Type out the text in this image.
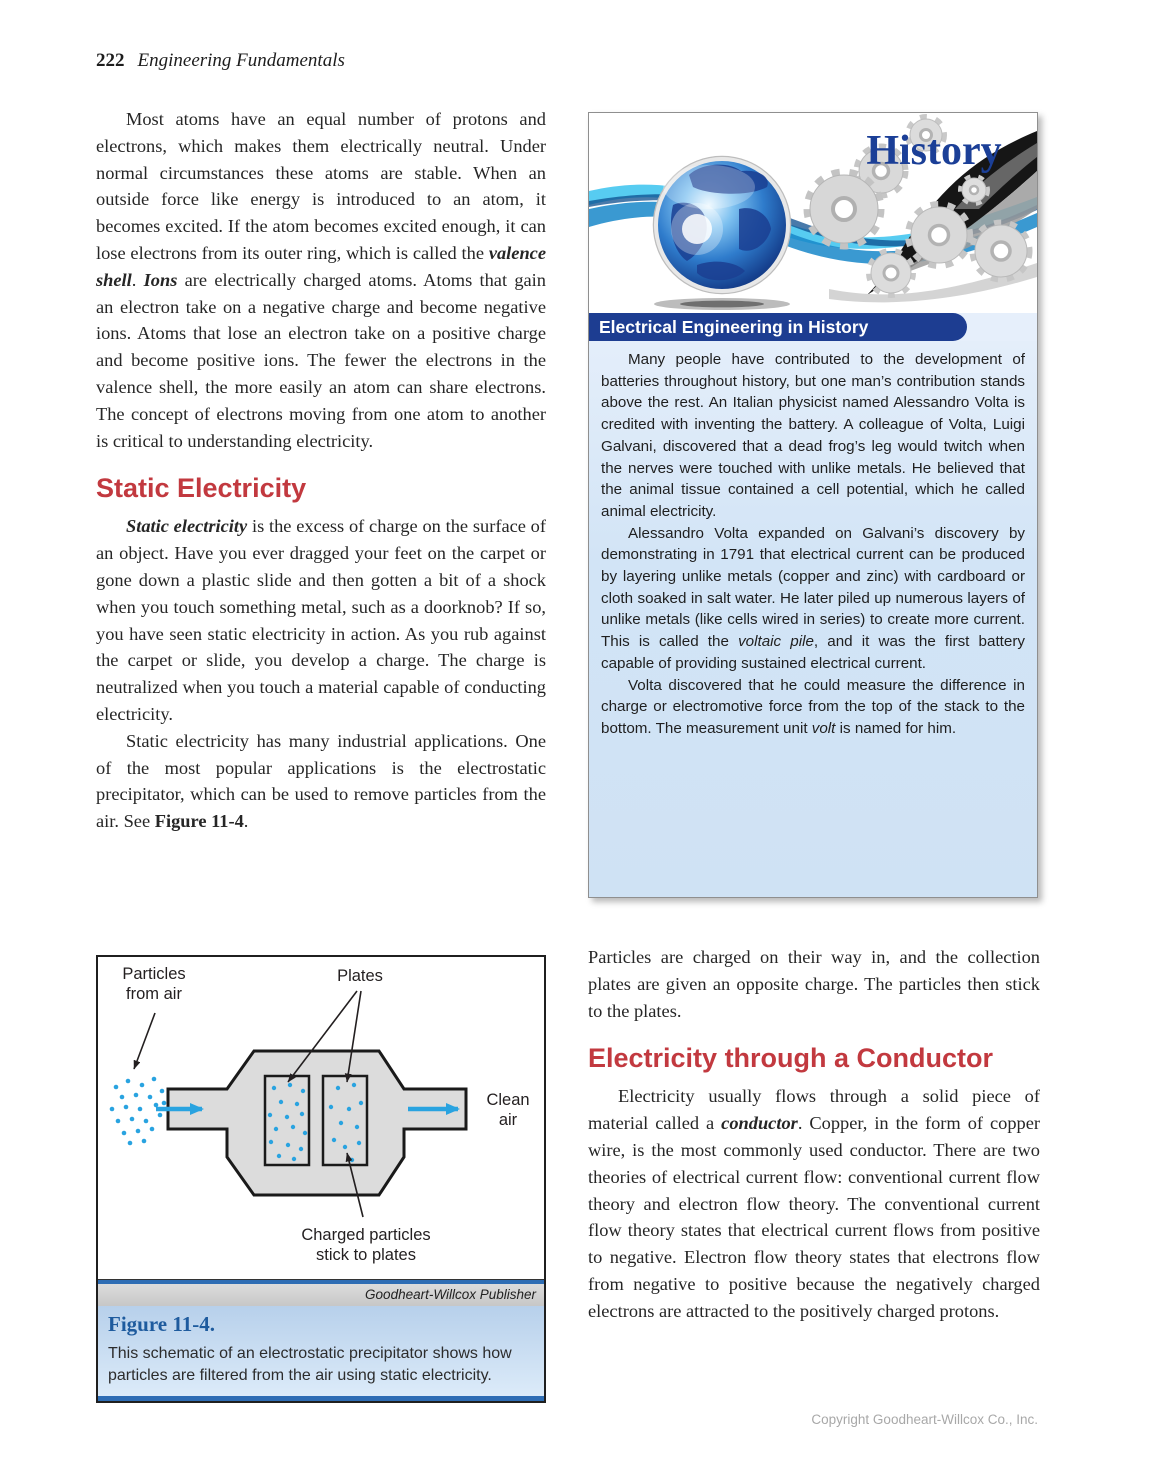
222 Engineering Fundamentals

Most atoms have an equal number of protons and electrons, which makes them electrically neutral. Under normal circumstances these atoms are stable. When an outside force like energy is introduced to an atom, it becomes excited. If the atom becomes excited enough, it can lose electrons from its outer ring, which is called the valence shell. Ions are electrically charged atoms. Atoms that gain an electron take on a negative charge and become negative ions. Atoms that lose an electron take on a positive charge and become positive ions. The fewer the electrons in the valence shell, the more easily an atom can share electrons. The concept of electrons moving from one atom to another is critical to understanding electricity.

Static Electricity

Static electricity is the excess of charge on the surface of an object. Have you ever dragged your feet on the carpet or gone down a plastic slide and then gotten a bit of a shock when you touch something metal, such as a doorknob? If so, you have seen static electricity in action. As you rub against the carpet or slide, you develop a charge. The charge is neutralized when you touch a material capable of conducting electricity.

Static electricity has many industrial applications. One of the most popular applications is the electrostatic precipitator, which can be used to remove particles from the air. See Figure 11-4.

History
Electrical Engineering in History

Many people have contributed to the development of batteries throughout history, but one man’s contribution stands above the rest. An Italian physicist named Alessandro Volta is credited with inventing the battery. A colleague of Volta, Luigi Galvani, discovered that a dead frog’s leg would twitch when the nerves were touched with unlike metals. He believed that the animal tissue contained a cell potential, which he called animal electricity.

Alessandro Volta expanded on Galvani’s discovery by demonstrating in 1791 that electrical current can be produced by layering unlike metals (copper and zinc) with cardboard or cloth soaked in salt water. He later piled up numerous layers of unlike metals (like cells wired in series) to create more current. This is called the voltaic pile, and it was the first battery capable of providing sustained electrical current.

Volta discovered that he could measure the difference in charge or electromotive force from the top of the stack to the bottom. The measurement unit volt is named for him.

Particles
from air
Plates
Clean
air
Charged particles
stick to plates
Goodheart-Willcox Publisher

Figure 11-4.

This schematic of an electrostatic precipitator shows how particles are filtered from the air using static electricity.

Particles are charged on their way in, and the collection plates are given an opposite charge. The particles then stick to the plates.

Electricity through a Conductor

Electricity usually flows through a solid piece of material called a conductor. Copper, in the form of copper wire, is the most commonly used conductor. There are two theories of electrical current flow: conventional current flow theory and electron flow theory. The conventional current flow theory states that electrical current flows from positive to negative. Electron flow theory states that electrons flow from negative to positive because the negatively charged electrons are attracted to the positively charged protons.

Copyright Goodheart-Willcox Co., Inc.
